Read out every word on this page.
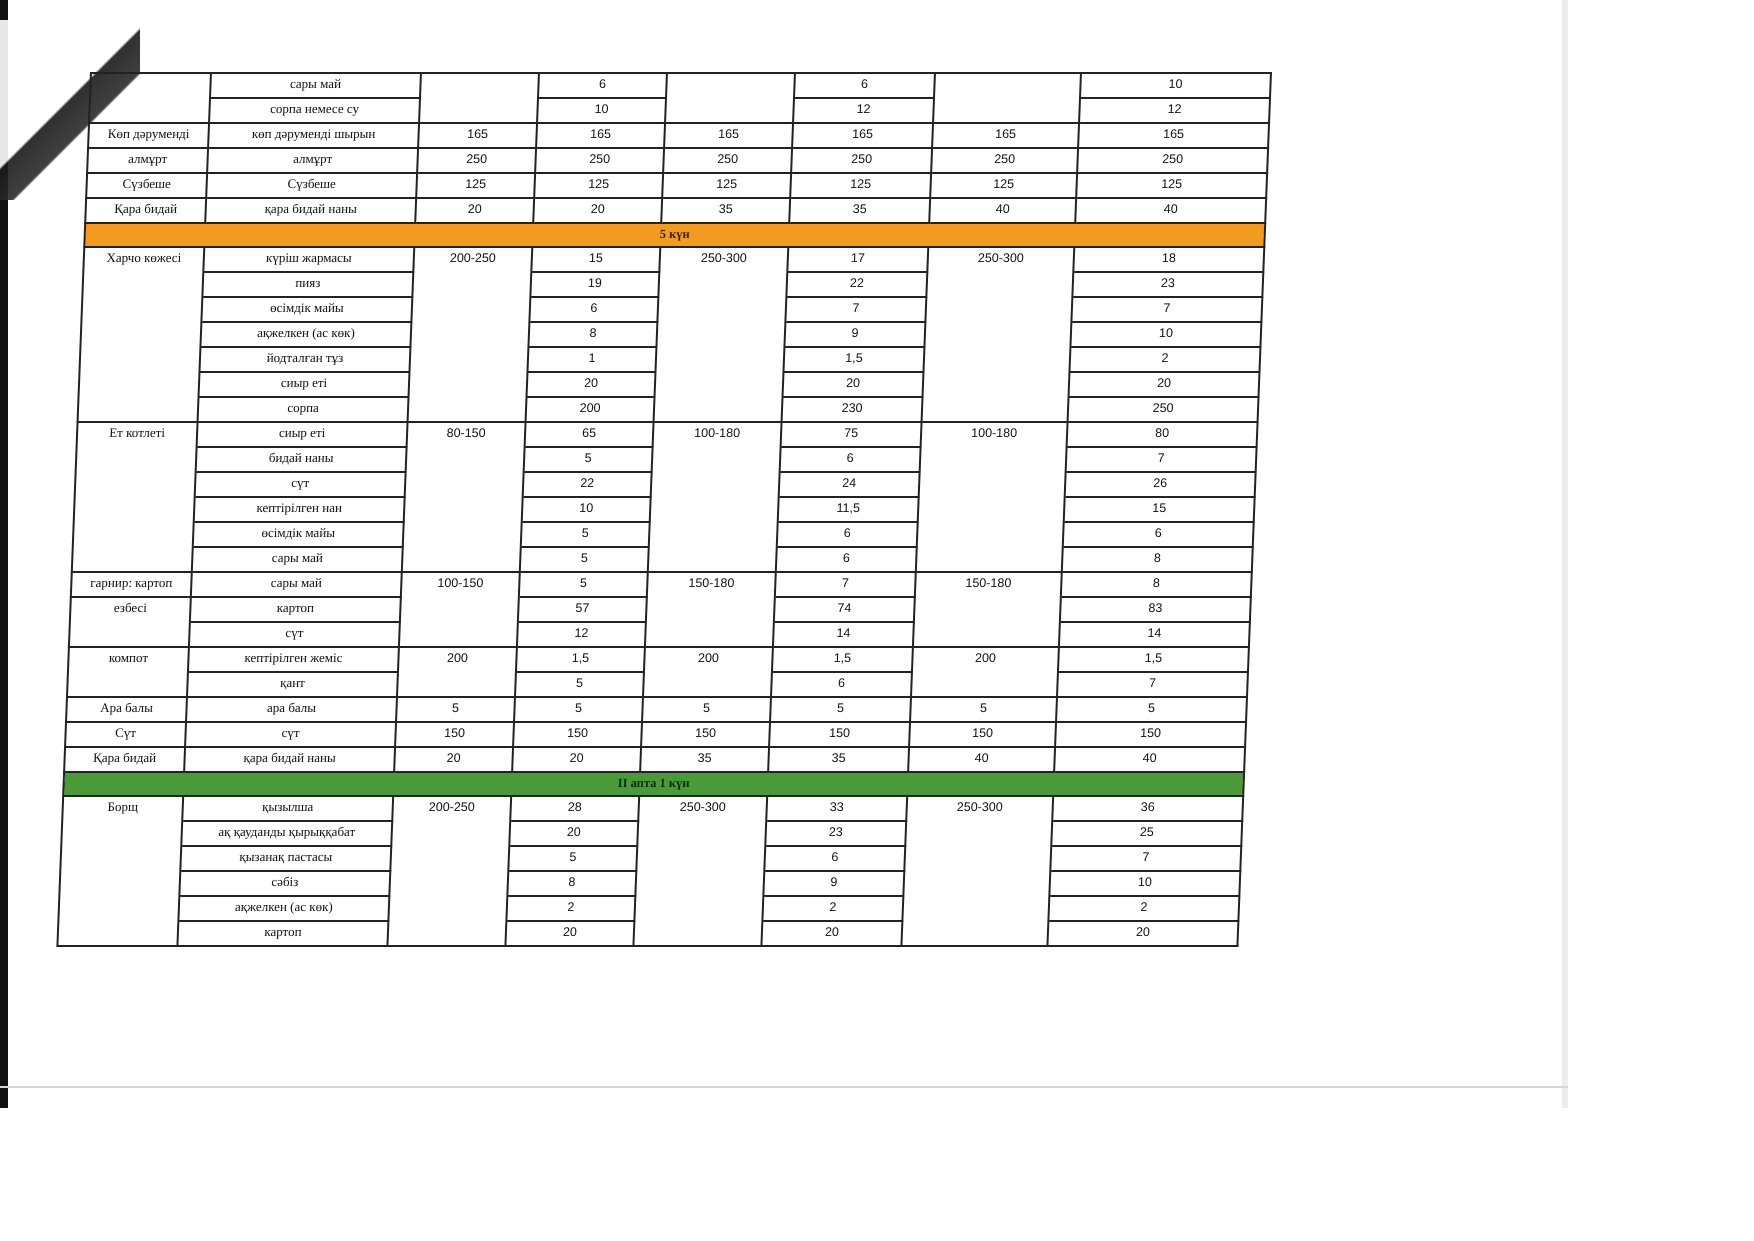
	сары май		6		6		10
	сорпа немесе су		10		12		12
Көп дәруменді	көп дәруменді шырын	165	165	165	165	165	165
алмұрт	алмұрт	250	250	250	250	250	250
Сүзбеше	Сүзбеше	125	125	125	125	125	125
Қара бидай	қара бидай наны	20	20	35	35	40	40
5 күн							
Харчо көжесі	күріш жармасы	200-250	15	250-300	17	250-300	18
	пияз		19		22		23
	өсімдік майы		6		7		7
	ақжелкен (ас көк)		8		9		10
	йодталған тұз		1		1,5		2
	сиыр еті		20		20		20
	сорпа		200		230		250
Ет котлеті	сиыр еті	80-150	65	100-180	75	100-180	80
	бидай наны		5		6		7
	сүт		22		24		26
	кептірілген нан		10		11,5		15
	өсімдік майы		5		6		6
	сары май		5		6		8
гарнир: картоп	сары май	100-150	5	150-180	7	150-180	8
езбесі	картоп		57		74		83
	сүт		12		14		14
компот	кептірілген жеміс	200	1,5	200	1,5	200	1,5
	қант		5		6		7
Ара балы	ара балы	5	5	5	5	5	5
Сүт	сүт	150	150	150	150	150	150
Қара бидай	қара бидай наны	20	20	35	35	40	40
II апта 1 күн							
Борщ	қызылша	200-250	28	250-300	33	250-300	36
	ақ қауданды қырыққабат		20		23		25
	қызанақ пастасы		5		6		7
	сәбіз		8		9		10
	ақжелкен (ас көк)		2		2		2
	картоп		20		20		20
